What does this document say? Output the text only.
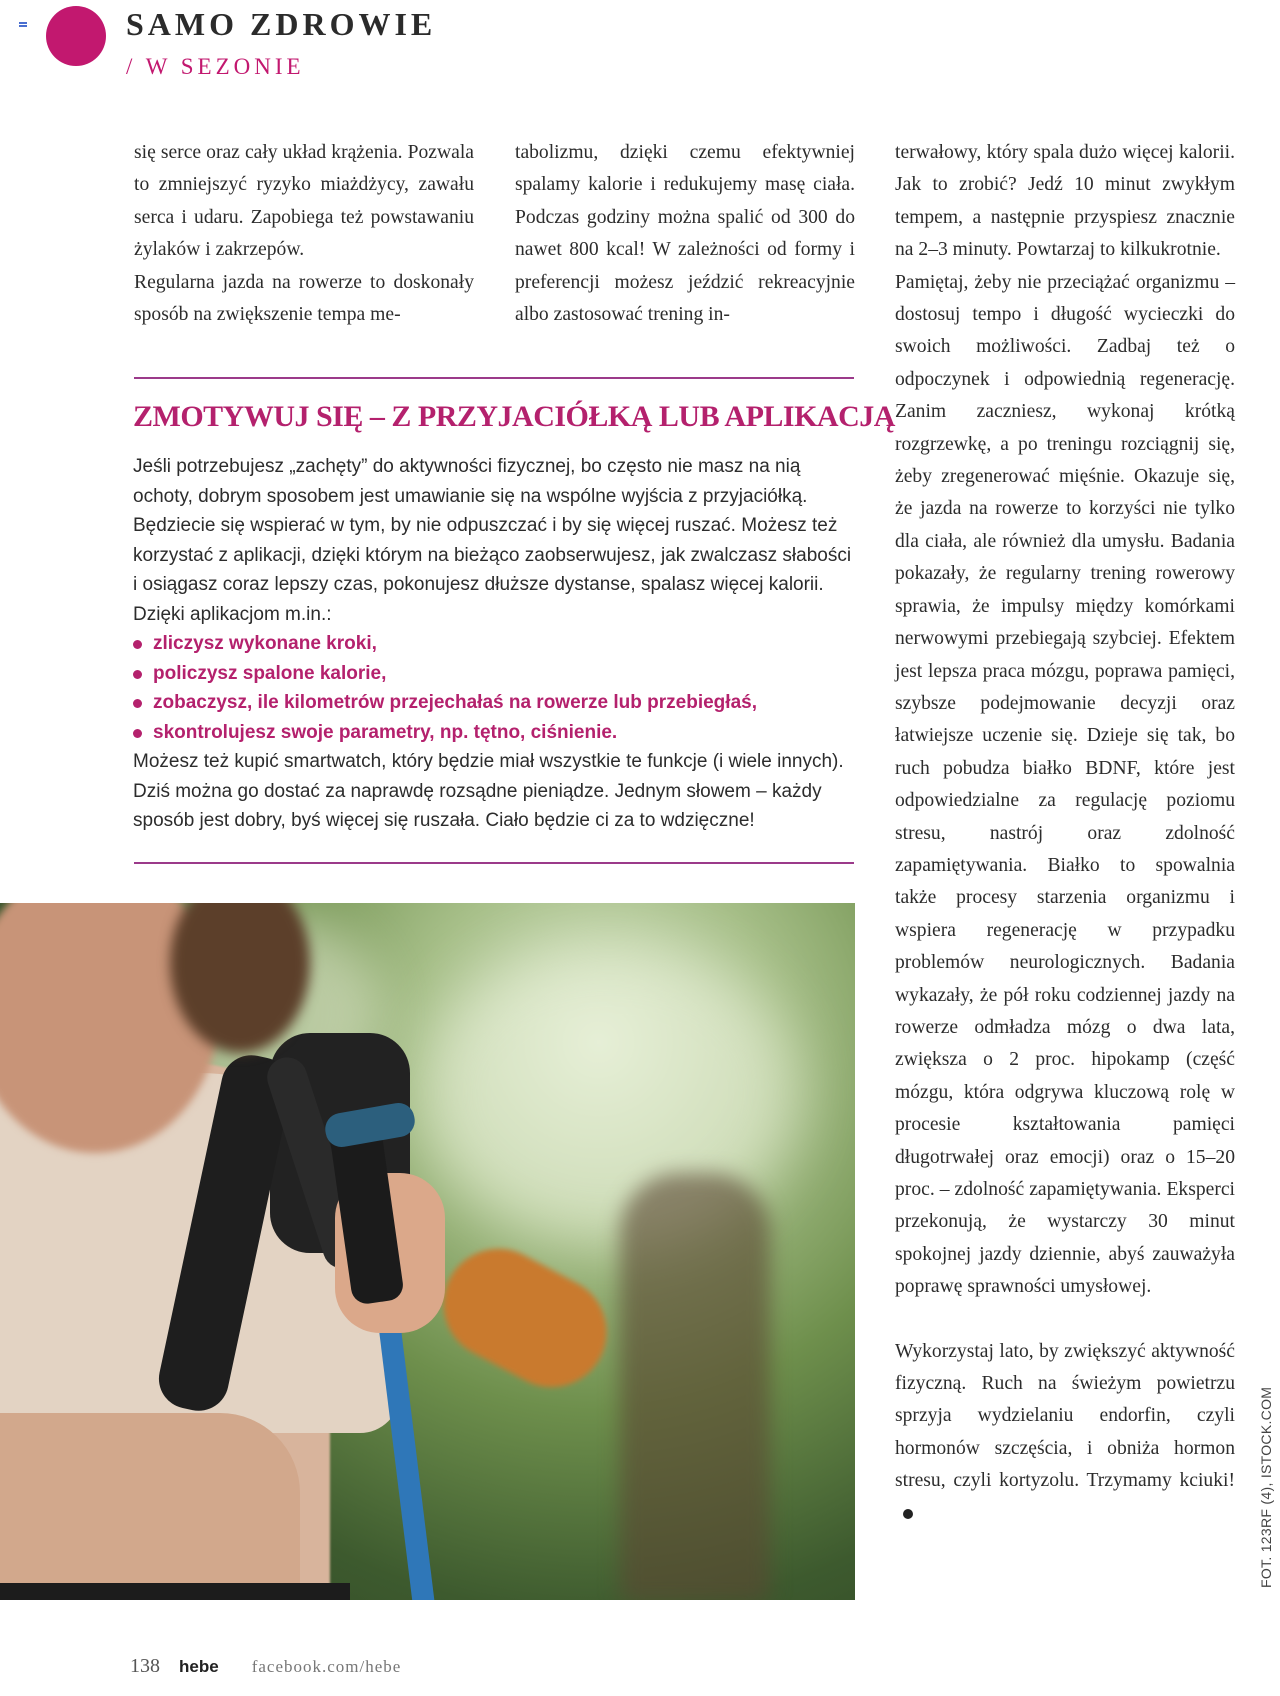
SAMO ZDROWIE
/ W SEZONIE

się serce oraz cały układ krążenia. Pozwala to zmniejszyć ryzyko miażdżycy, zawału serca i udaru. Zapobiega też powstawaniu żylaków i zakrzepów.

Regularna jazda na rowerze to doskonały sposób na zwiększenie tempa me-

tabolizmu, dzięki czemu efektywniej spalamy kalorie i redukujemy masę ciała. Podczas godziny można spalić od 300 do nawet 800 kcal! W zależności od formy i preferencji możesz jeździć rekreacyjnie albo zastosować trening in-

ZMOTYWUJ SIĘ – Z PRZYJACIÓŁKĄ LUB APLIKACJĄ

Jeśli potrzebujesz „zachęty” do aktywności fizycznej, bo często nie masz na nią ochoty, dobrym sposobem jest umawianie się na wspólne wyjścia z przyjaciółką. Będziecie się wspierać w tym, by nie odpuszczać i by się więcej ruszać. Możesz też korzystać z aplikacji, dzięki którym na bieżąco zaobserwujesz, jak zwalczasz słabości i osiągasz coraz lepszy czas, pokonujesz dłuższe dystanse, spalasz więcej kalorii. Dzięki aplikacjom m.in.:

zliczysz wykonane kroki,
policzysz spalone kalorie,
zobaczysz, ile kilometrów przejechałaś na rowerze lub przebiegłaś,
skontrolujesz swoje parametry, np. tętno, ciśnienie.

Możesz też kupić smartwatch, który będzie miał wszystkie te funkcje (i wiele innych). Dziś można go dostać za naprawdę rozsądne pieniądze. Jednym słowem – każdy sposób jest dobry, byś więcej się ruszała. Ciało będzie ci za to wdzięczne!

terwałowy, który spala dużo więcej kalorii. Jak to zrobić? Jedź 10 minut zwykłym tempem, a następnie przyspiesz znacznie na 2–3 minuty. Powtarzaj to kilkukrotnie.

Pamiętaj, żeby nie przeciążać organizmu – dostosuj tempo i długość wycieczki do swoich możliwości. Zadbaj też o odpoczynek i odpowiednią regenerację. Zanim zaczniesz, wykonaj krótką rozgrzewkę, a po treningu rozciągnij się, żeby zregenerować mięśnie. Okazuje się, że jazda na rowerze to korzyści nie tylko dla ciała, ale również dla umysłu. Badania pokazały, że regularny trening rowerowy sprawia, że impulsy między komórkami nerwowymi przebiegają szybciej. Efektem jest lepsza praca mózgu, poprawa pamięci, szybsze podejmowanie decyzji oraz łatwiejsze uczenie się. Dzieje się tak, bo ruch pobudza białko BDNF, które jest odpowiedzialne za regulację poziomu stresu, nastrój oraz zdolność zapamiętywania. Białko to spowalnia także procesy starzenia organizmu i wspiera regenerację w przypadku problemów neurologicznych. Badania wykazały, że pół roku codziennej jazdy na rowerze odmładza mózg o dwa lata, zwiększa o 2 proc. hipokamp (część mózgu, która odgrywa kluczową rolę w procesie kształtowania pamięci długotrwałej oraz emocji) oraz o 15–20 proc. – zdolność zapamiętywania. Eksperci przekonują, że wystarczy 30 minut spokojnej jazdy dziennie, abyś zauważyła poprawę sprawności umysłowej.

Wykorzystaj lato, by zwiększyć aktywność fizyczną. Ruch na świeżym powietrzu sprzyja wydzielaniu endorfin, czyli hormonów szczęścia, i obniża hormon stresu, czyli kortyzolu. Trzymamy kciuki! FOT. 123RF (4), ISTOCK.COM
138 hebe facebook.com/hebe
